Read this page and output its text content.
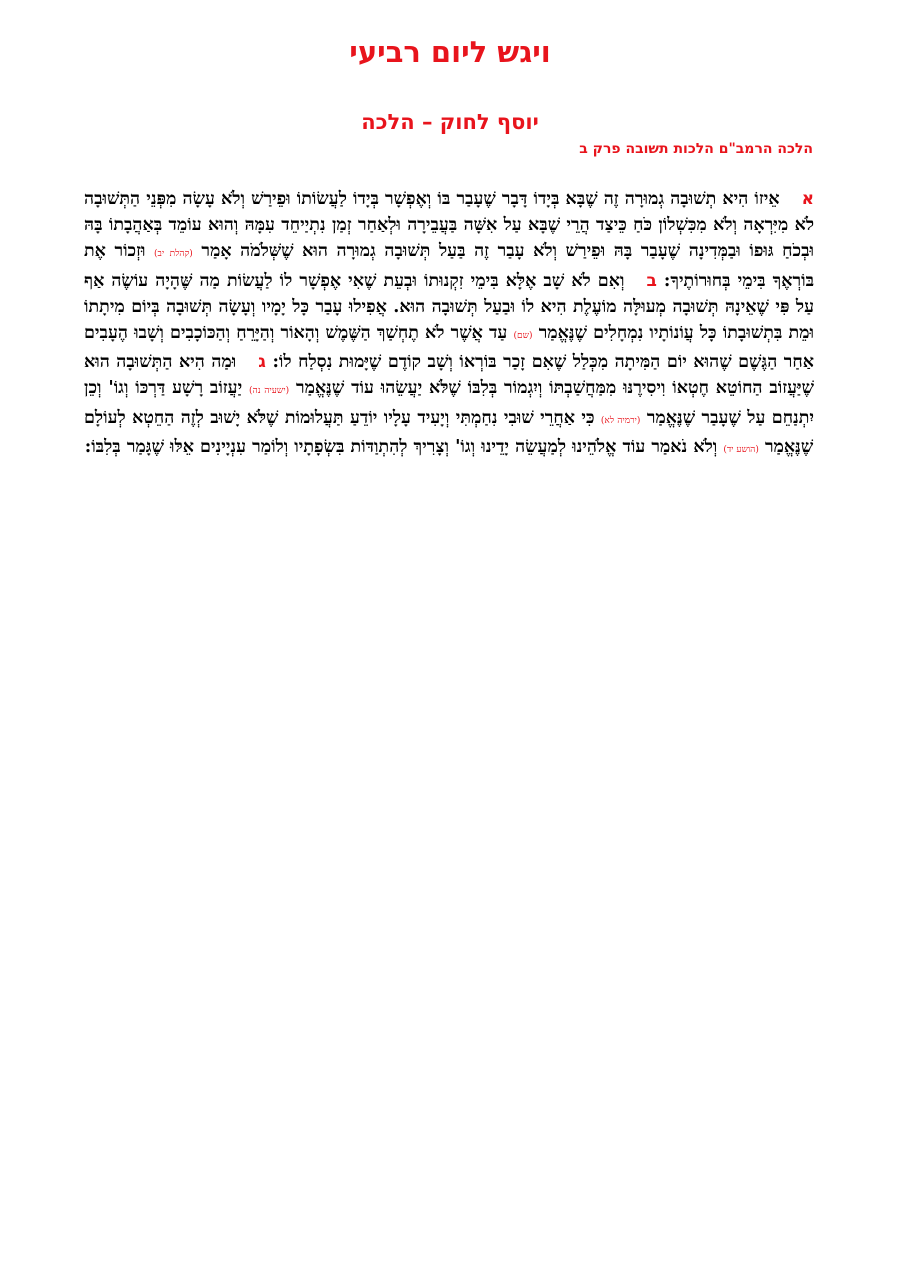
ויגש ליום רביעי
יוסף לחוק – הלכה
הלכה הרמב"ם הלכות תשובה פרק ב
אאֵיזוֹ הִיא תְשׁוּבָה גְמוּרָה זֶה שֶׁבָּא בְּיָדוֹ דָּבָר שֶׁעָבַר בּוֹ וְאֶפְשָׁר בְּיָדוֹ לַעֲשׂוֹתוֹ וּפֵירַשׁ וְלֹא עָשָׂה מִפְּנֵי הַתְּשׁוּבָה לֹא מִיִּרְאָה וְלֹא מִכִּשְׁלוֹן כֹּחַ כֵּיצַד הֲרֵי שֶׁבָּא עַל אִשָּׁה בַּעֲבֵירָה וּלְאַחַר זְמַן נִתְיַיחֵד עִמָּהּ וְהוּא עוֹמֵד בְּאַהֲבָתוֹ בָּהּ וּבְכֹחַ גּוּפוֹ וּבַמְּדִינָה שֶׁעָבַר בָּהּ וּפֵירַשׁ וְלֹא עָבַר זֶה בַּעַל תְּשׁוּבָה גְמוּרָה הוּא שֶׁשְּׁלֹמֹה אָמַר (קהלת יב) וּזְכוֹר אֶת בּוֹרְאֶךָ בִּימֵי בְּחוּרוֹתֶיךָ: בוְאִם לֹא שָׁב אֶלָּא בִּימֵי זִקְנוּתוֹ וּבְעֵת שֶׁאִי אֶפְשָׁר לוֹ לַעֲשׂוֹת מַה שֶּׁהָיָה עוֹשֶׂה אַף עַל פִּי שֶׁאֵינָהּ תְּשׁוּבָה מְעוּלָּה מוֹעֶלֶת הִיא לוֹ וּבַעַל תְּשׁוּבָה הוּא. אֲפִילוּ עָבַר כָּל יָמָיו וְעָשָׂה תְּשׁוּבָה בְּיוֹם מִיתָתוֹ וּמֵת בִּתְשׁוּבָתוֹ כָּל עֲוֹנוֹתָיו נִמְחָלִים שֶׁנֶּאֱמַר (שם) עַד אֲשֶׁר לֹא תֶחְשַׁךְ הַשֶּׁמֶשׁ וְהָאוֹר וְהַיָּרֵחַ וְהַכּוֹכָבִים וְשָׁבוּ הֶעָבִים אַחַר הַגֶּשֶׁם שֶׁהוּא יוֹם הַמִּיתָה מִכְּלַל שֶׁאִם זָכַר בּוֹרְאוֹ וְשָׁב קוֹדֶם שֶׁיָּמוּת נִסְלַח לוֹ: גוּמַה הִיא הַתְּשׁוּבָה הוּא שֶׁיַּעֲזוֹב הַחוֹטֵא חֶטְאוֹ וִיסִירֶנּוּ מִמַּחֲשַׁבְתּוֹ וְיִגְמוֹר בְּלִבּוֹ שֶׁלֹּא יַעֲשֵׂהוּ עוֹד שֶׁנֶּאֱמַר (ישעיה נה) יַעֲזוֹב רָשָׁע דַּרְכּוֹ וְגוֹ' וְכֵן יִתְנַחֵם עַל שֶׁעָבַר שֶׁנֶּאֱמַר (ירמיה לא) כִּי אַחֲרֵי שׁוּבִי נִחַמְתִּי וְיָעִיד עָלָיו יוֹדֵעַ תַּעֲלוּמוֹת שֶׁלֹּא יָשׁוּב לְזֶה הַחֵטְא לְעוֹלָם שֶׁנֶּאֱמַר (הושע יד) וְלֹא נֹאמַר עוֹד אֱלֹהֵינוּ לְמַעֲשֵׂה יָדֵינוּ וְגוֹ' וְצָרִיךְ לְהִתְוַדּוֹת בִּשְׂפָתָיו וְלוֹמַר עִנְיָינִים אֵלּוּ שֶׁגָּמַר בְּלִבּוֹ:
